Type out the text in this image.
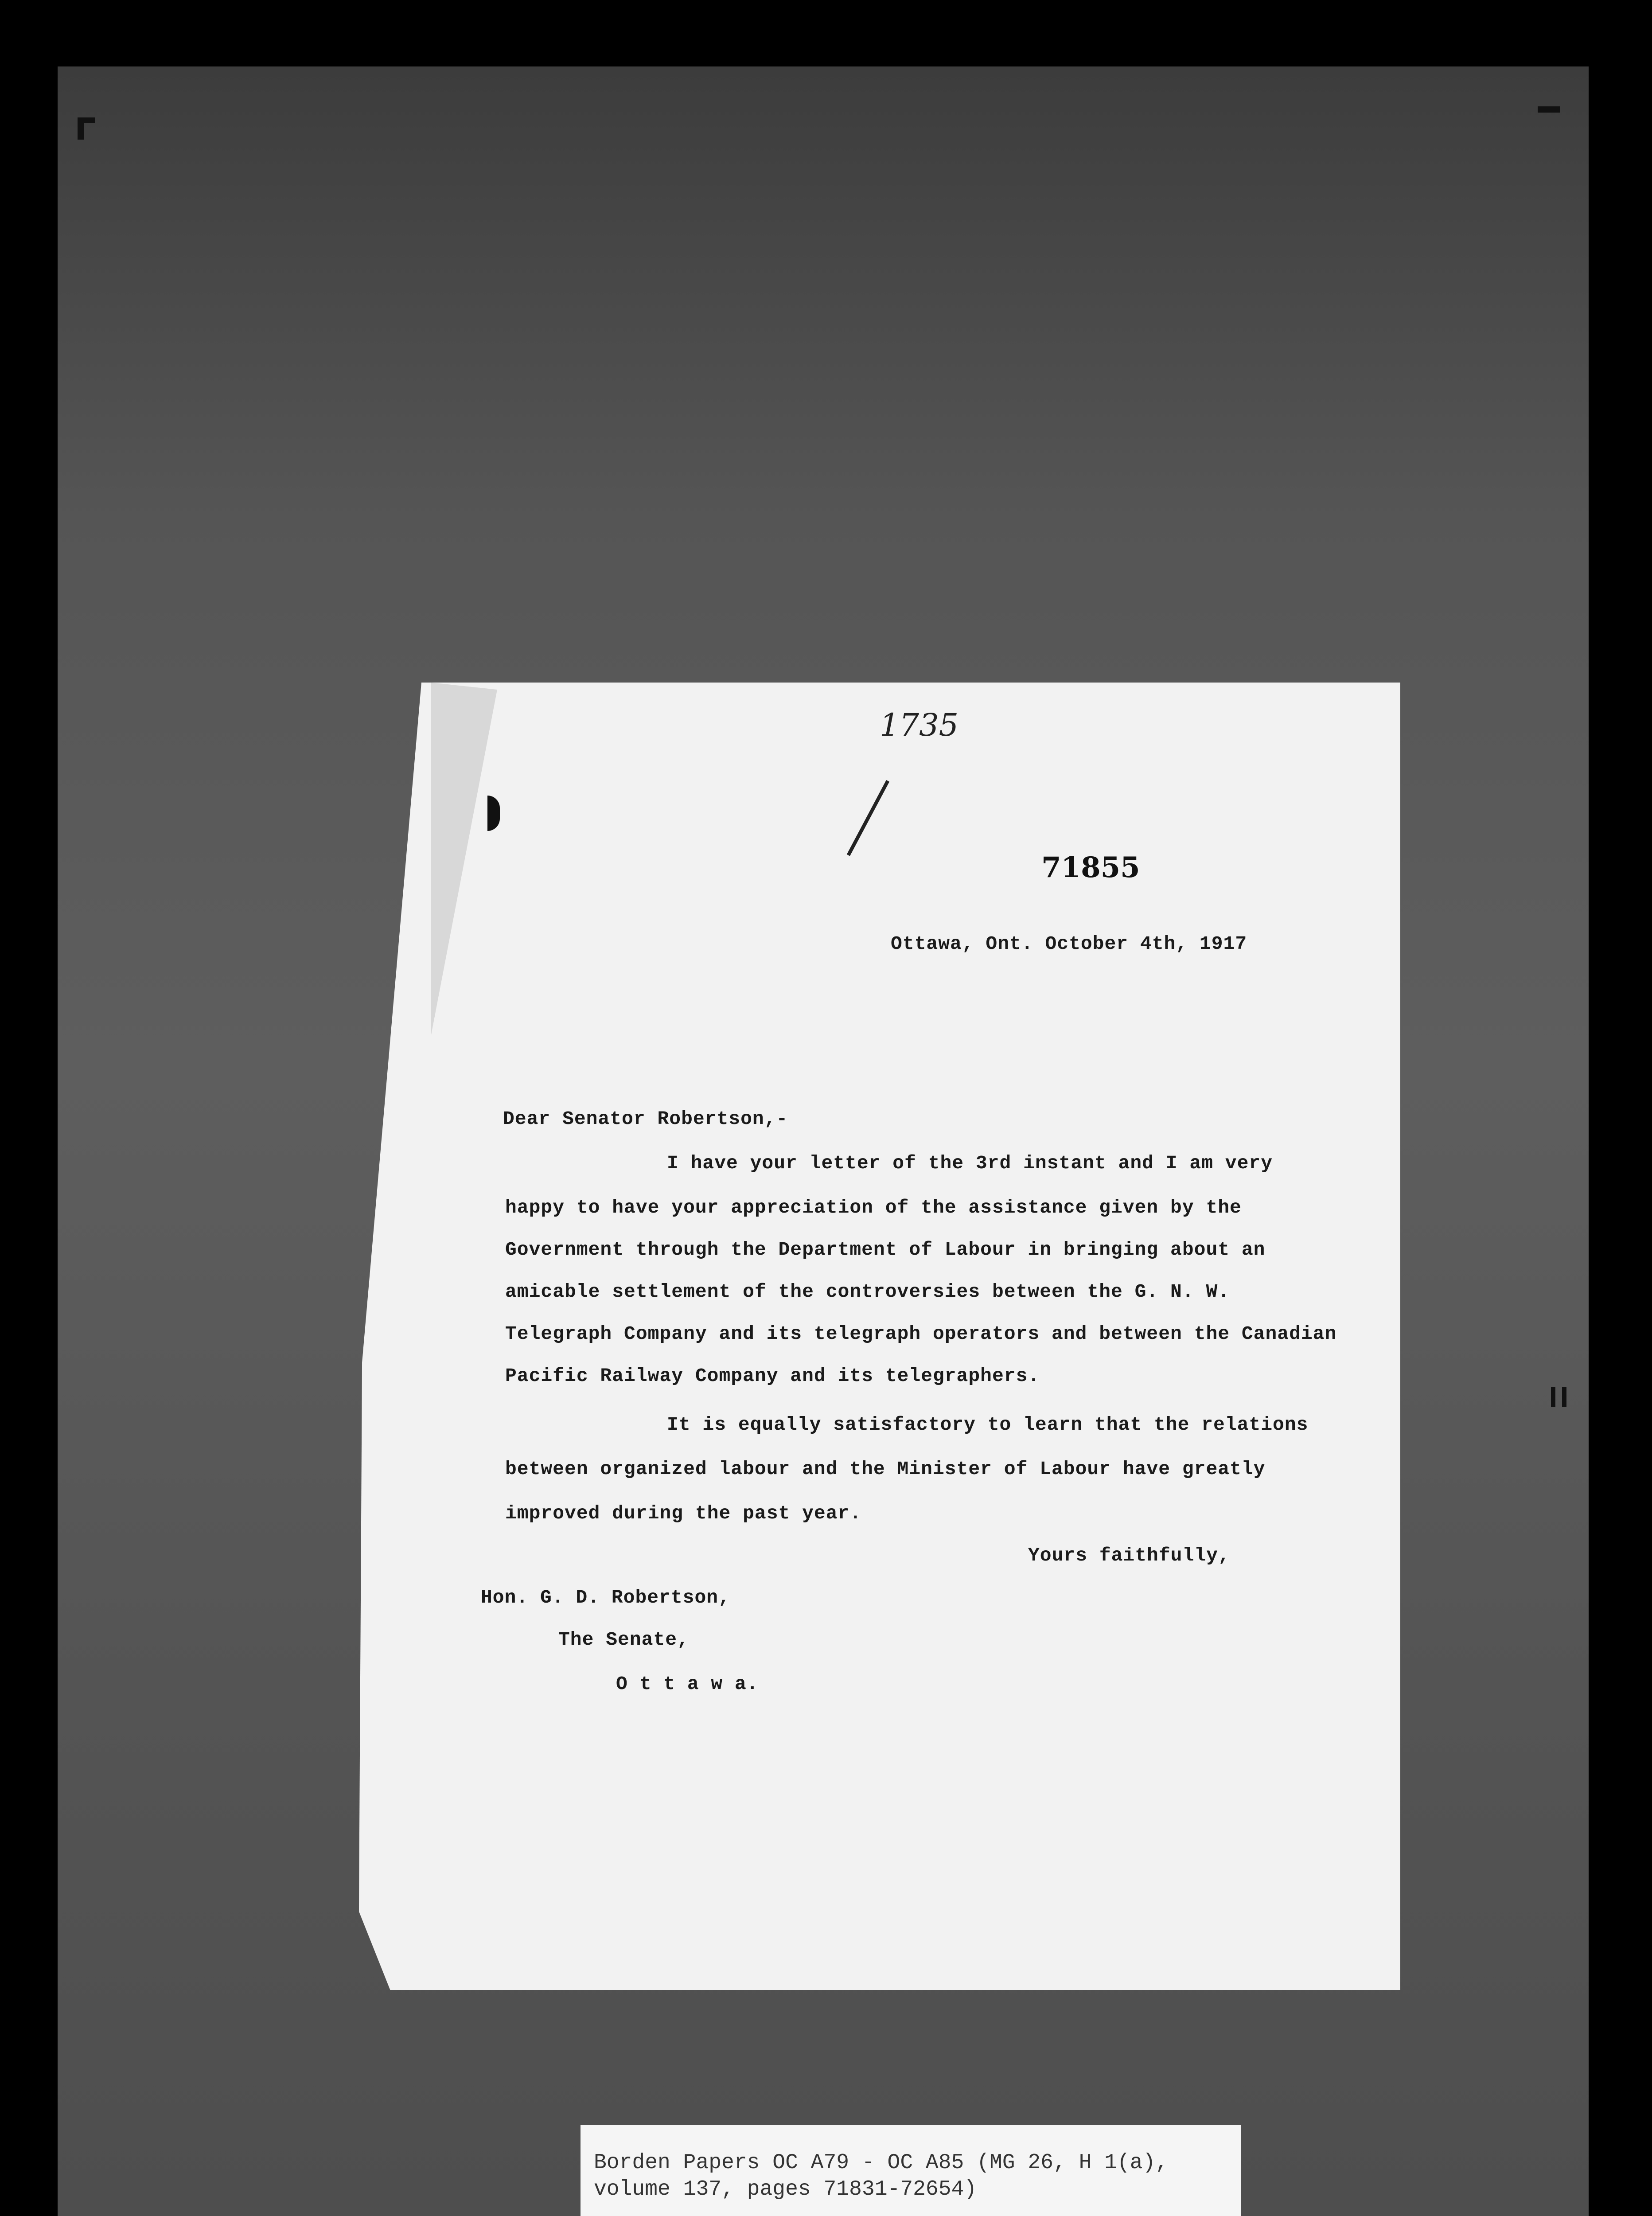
1735
71855
Ottawa, Ont. October 4th, 1917
Dear Senator Robertson,-
I have your letter of the 3rd instant and I am very
happy to have your appreciation of the assistance given by the
Government through the Department of Labour in bringing about an
amicable settlement of the controversies between the G. N. W.
Telegraph Company and its telegraph operators and between the Canadian
Pacific Railway Company and its telegraphers.
It is equally satisfactory to learn that the relations
between organized labour and the Minister of Labour have greatly
improved during the past year.
Yours faithfully,
Hon. G. D. Robertson,
The Senate,
O t t a w a.
Borden Papers OC A79 - OC A85 (MG 26, H 1(a),
volume 137, pages 71831-72654)
